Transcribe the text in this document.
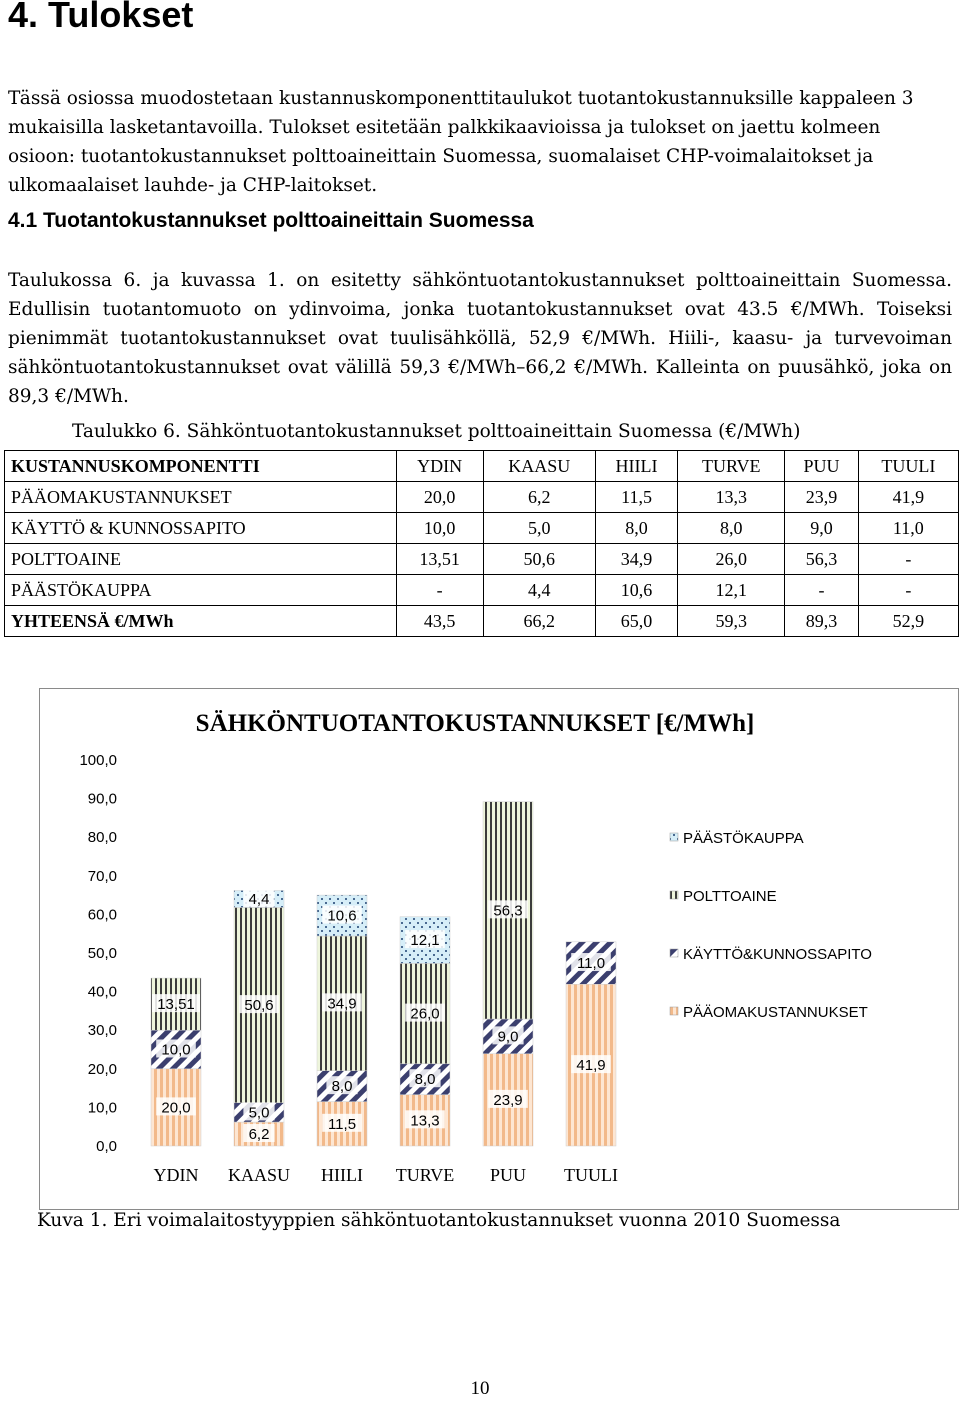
4. Tulokset

Tässä osiossa muodostetaan kustannuskomponenttitaulukot tuotantokustannuksille kappaleen 3 mukaisilla lasketantavoilla. Tulokset esitetään palkkikaavioissa ja tulokset on jaettu kolmeen osioon: tuotantokustannukset polttoaineittain Suomessa, suomalaiset CHP-voimalaitokset ja ulkomaalaiset lauhde- ja CHP-laitokset.

4.1 Tuotantokustannukset polttoaineittain Suomessa

Taulukossa 6. ja kuvassa 1. on esitetty sähköntuotantokustannukset polttoaineittain Suomessa. Edullisin tuotantomuoto on ydinvoima, jonka tuotantokustannukset ovat 43.5 €/MWh. Toiseksi pienimmät tuotantokustannukset ovat tuulisähköllä, 52,9 €/MWh. Hiili-, kaasu- ja turvevoiman sähköntuotantokustannukset ovat välillä 59,3 €/MWh–66,2 €/MWh. Kalleinta on puusähkö, joka on 89,3 €/MWh.

Taulukko 6. Sähköntuotantokustannukset polttoaineittain Suomessa (€/MWh)
KUSTANNUSKOMPONENTTI	YDIN	KAASU	HIILI	TURVE	PUU	TUULI
PÄÄOMAKUSTANNUKSET	20,0	6,2	11,5	13,3	23,9	41,9
KÄYTTÖ & KUNNOSSAPITO	10,0	5,0	8,0	8,0	9,0	11,0
POLTTOAINE	13,51	50,6	34,9	26,0	56,3	-
PÄÄSTÖKAUPPA	-	4,4	10,6	12,1	-	-
YHTEENSÄ €/MWh	43,5	66,2	65,0	59,3	89,3	52,9
SÄHKÖNTUOTANTOKUSTANNUKSET [€/MWh]
0,0
10,0
20,0
30,0
40,0
50,0
60,0
70,0
80,0
90,0
100,0
20,0
10,0
13,51
6,2
5,0
50,6
4,4
11,5
8,0
34,9
10,6
13,3
8,0
26,0
12,1
23,9
9,0
56,3
41,9
11,0
YDIN KAASU HIILI TURVE PUU TUULI
PÄÄSTÖKAUPPA
POLTTOAINE
KÄYTTÖ&KUNNOSSAPITO
PÄÄOMAKUSTANNUKSET
Kuva 1. Eri voimalaitostyyppien sähköntuotantokustannukset vuonna 2010 Suomessa
10
